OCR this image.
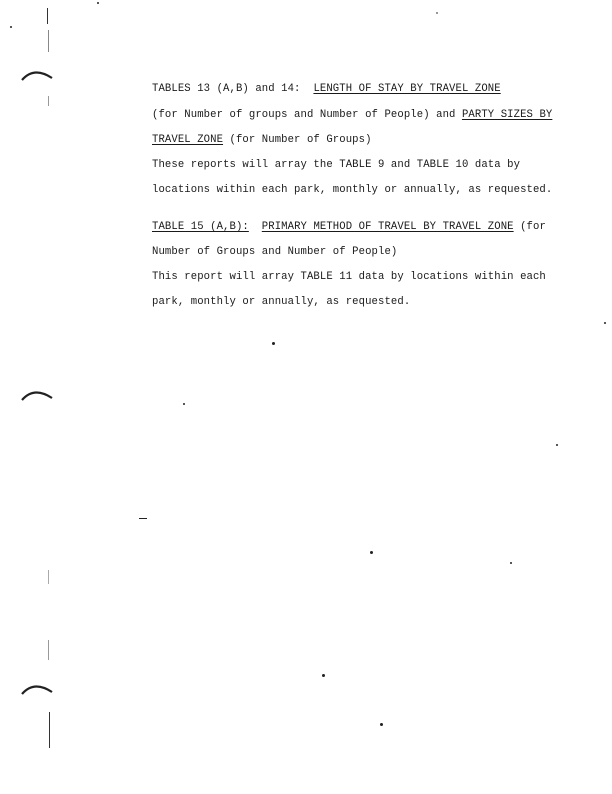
TABLES 13 (A,B) and 14:  LENGTH OF STAY BY TRAVEL ZONE
(for Number of groups and Number of People) and PARTY SIZES BY
TRAVEL ZONE (for Number of Groups)
These reports will array the TABLE 9 and TABLE 10 data by
locations within each park, monthly or annually, as requested.
TABLE 15 (A,B): PRIMARY METHOD OF TRAVEL BY TRAVEL ZONE (for
Number of Groups and Number of People)
This report will array TABLE 11 data by locations within each
park, monthly or annually, as requested.
